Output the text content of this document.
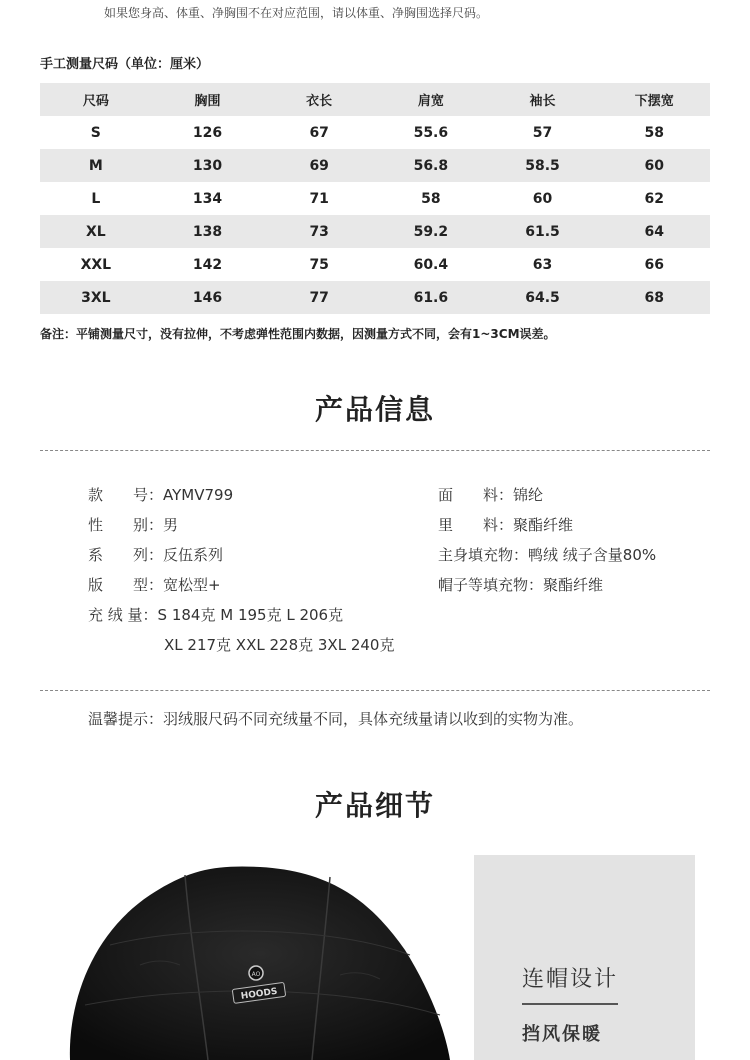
如果您身高、体重、净胸围不在对应范围，请以体重、净胸围选择尺码。
手工测量尺码（单位：厘米）
尺码	胸围	衣长	肩宽	袖长	下摆宽
S	126	67	55.6	57	58
M	130	69	56.8	58.5	60
L	134	71	58	60	62
XL	138	73	59.2	61.5	64
XXL	142	75	60.4	63	66
3XL	146	77	61.6	64.5	68
备注：平铺测量尺寸，没有拉伸，不考虑弹性范围内数据，因测量方式不同，会有1~3CM误差。
产品信息
款　　号：AYMV799
性　　别：男
系　　列：反伍系列
版　　型：宽松型+
充 绒 量：S 184克 M 195克 L 206克
XL 217克 XXL 228克 3XL 240克
面　　料：锦纶
里　　料：聚酯纤维
主身填充物：鸭绒 绒子含量80%
帽子等填充物：聚酯纤维
温馨提示：羽绒服尺码不同充绒量不同，具体充绒量请以收到的实物为准。
产品细节
AO
HOODS
连帽设计
挡风保暖
